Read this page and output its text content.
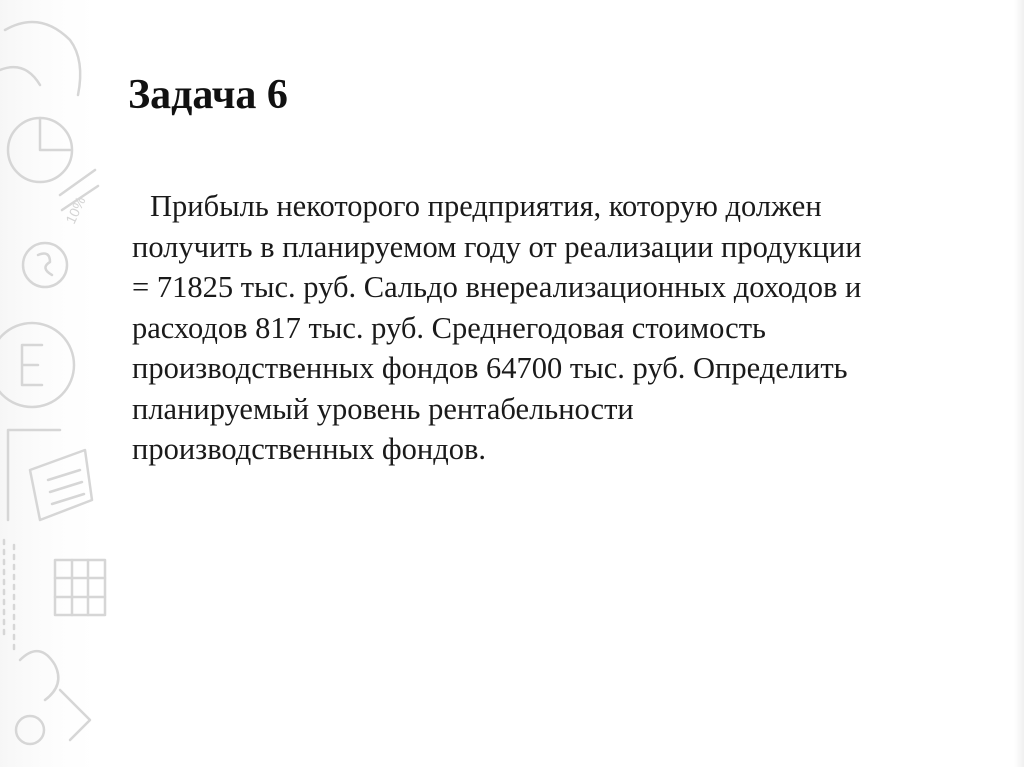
10%
Задача 6
Прибыль некоторого предприятия, которую должен
получить в планируемом году от реализации продукции
= 71825 тыс. руб. Сальдо внереализационных доходов и
расходов 817 тыс. руб. Среднегодовая стоимость
производственных фондов 64700 тыс. руб. Определить
планируемый уровень рентабельности
производственных фондов.
